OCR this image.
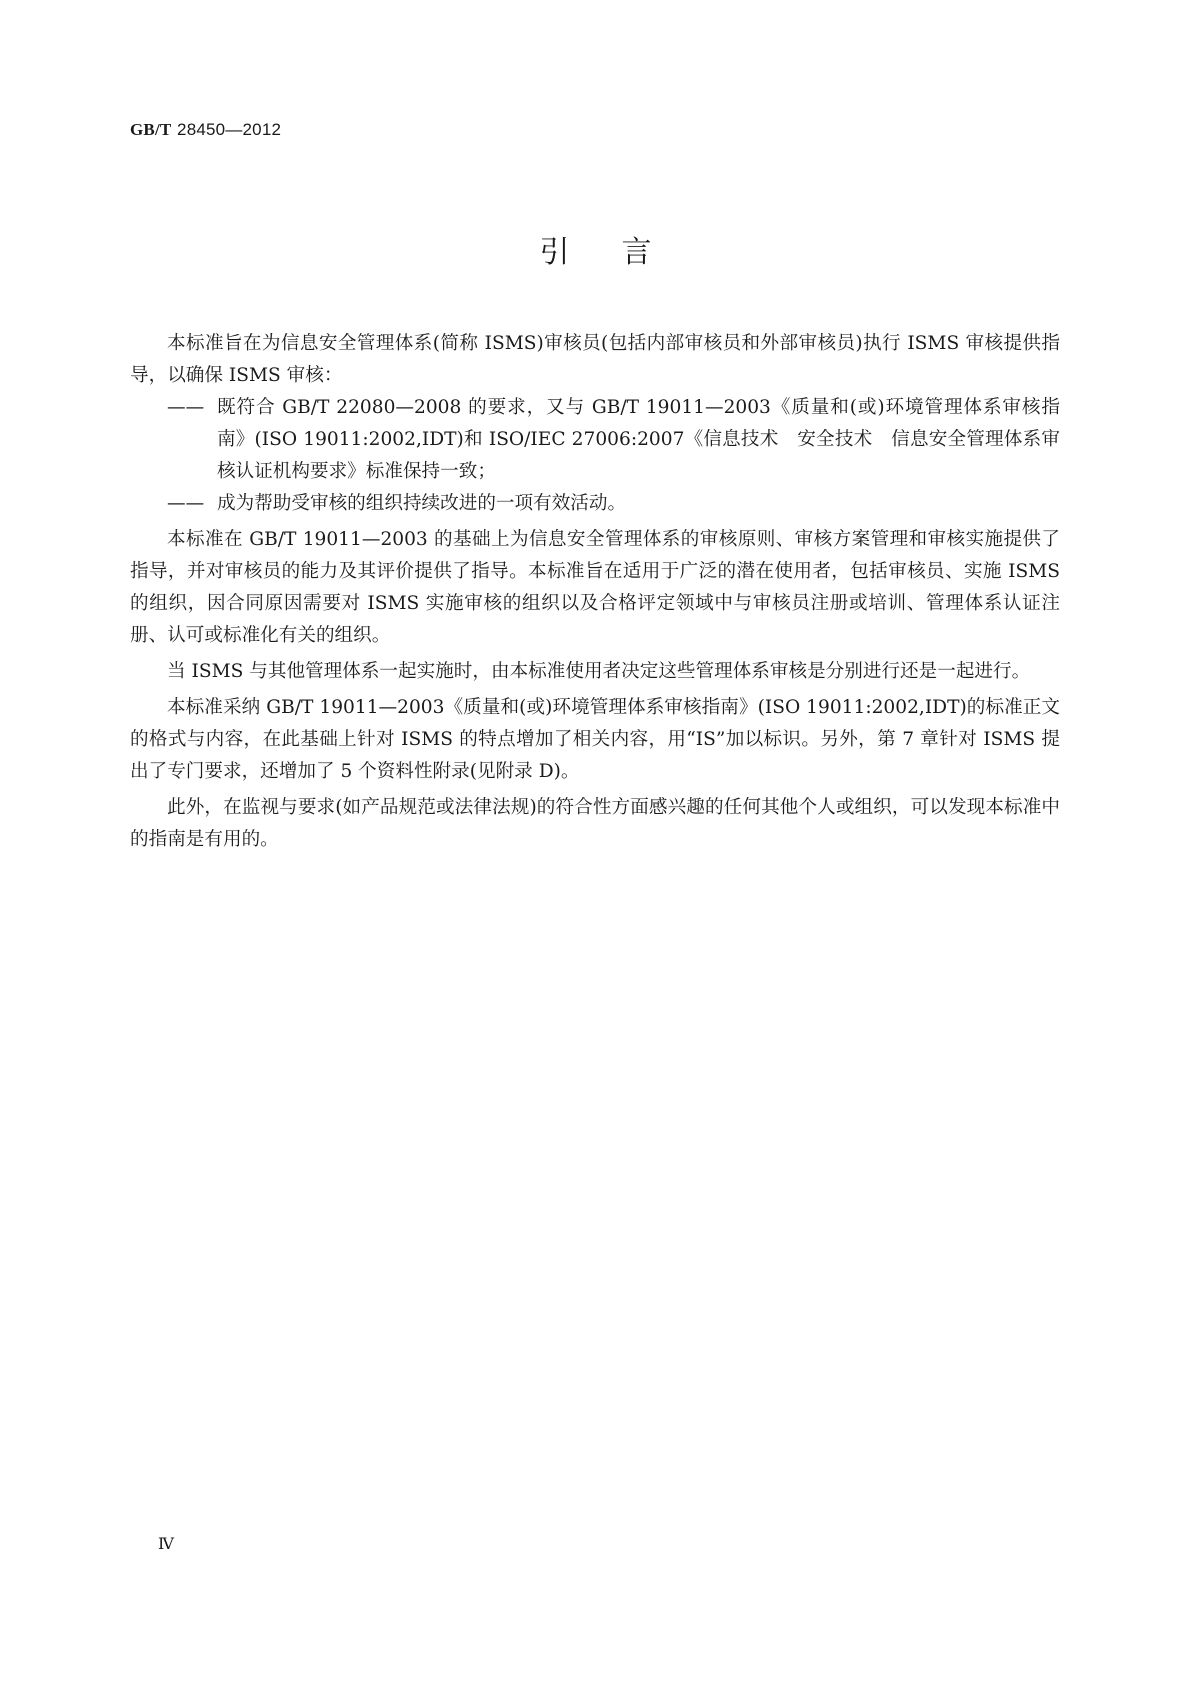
GB/T 28450—2012
引言

本标准旨在为信息安全管理体系(简称 ISMS)审核员(包括内部审核员和外部审核员)执行 ISMS 审核提供指导，以确保 ISMS 审核：

—— 既符合 GB/T 22080—2008 的要求，又与 GB/T 19011—2003《质量和(或)环境管理体系审核指南》(ISO 19011:2002,IDT)和 ISO/IEC 27006:2007《信息技术　安全技术　信息安全管理体系审核认证机构要求》标准保持一致；

—— 成为帮助受审核的组织持续改进的一项有效活动。

本标准在 GB/T 19011—2003 的基础上为信息安全管理体系的审核原则、审核方案管理和审核实施提供了指导，并对审核员的能力及其评价提供了指导。本标准旨在适用于广泛的潜在使用者，包括审核员、实施 ISMS 的组织，因合同原因需要对 ISMS 实施审核的组织以及合格评定领域中与审核员注册或培训、管理体系认证注册、认可或标准化有关的组织。

当 ISMS 与其他管理体系一起实施时，由本标准使用者决定这些管理体系审核是分别进行还是一起进行。

本标准采纳 GB/T 19011—2003《质量和(或)环境管理体系审核指南》(ISO 19011:2002,IDT)的标准正文的格式与内容，在此基础上针对 ISMS 的特点增加了相关内容，用“IS”加以标识。另外，第 7 章针对 ISMS 提出了专门要求，还增加了 5 个资料性附录(见附录 D)。

此外，在监视与要求(如产品规范或法律法规)的符合性方面感兴趣的任何其他个人或组织，可以发现本标准中的指南是有用的。

Ⅳ
